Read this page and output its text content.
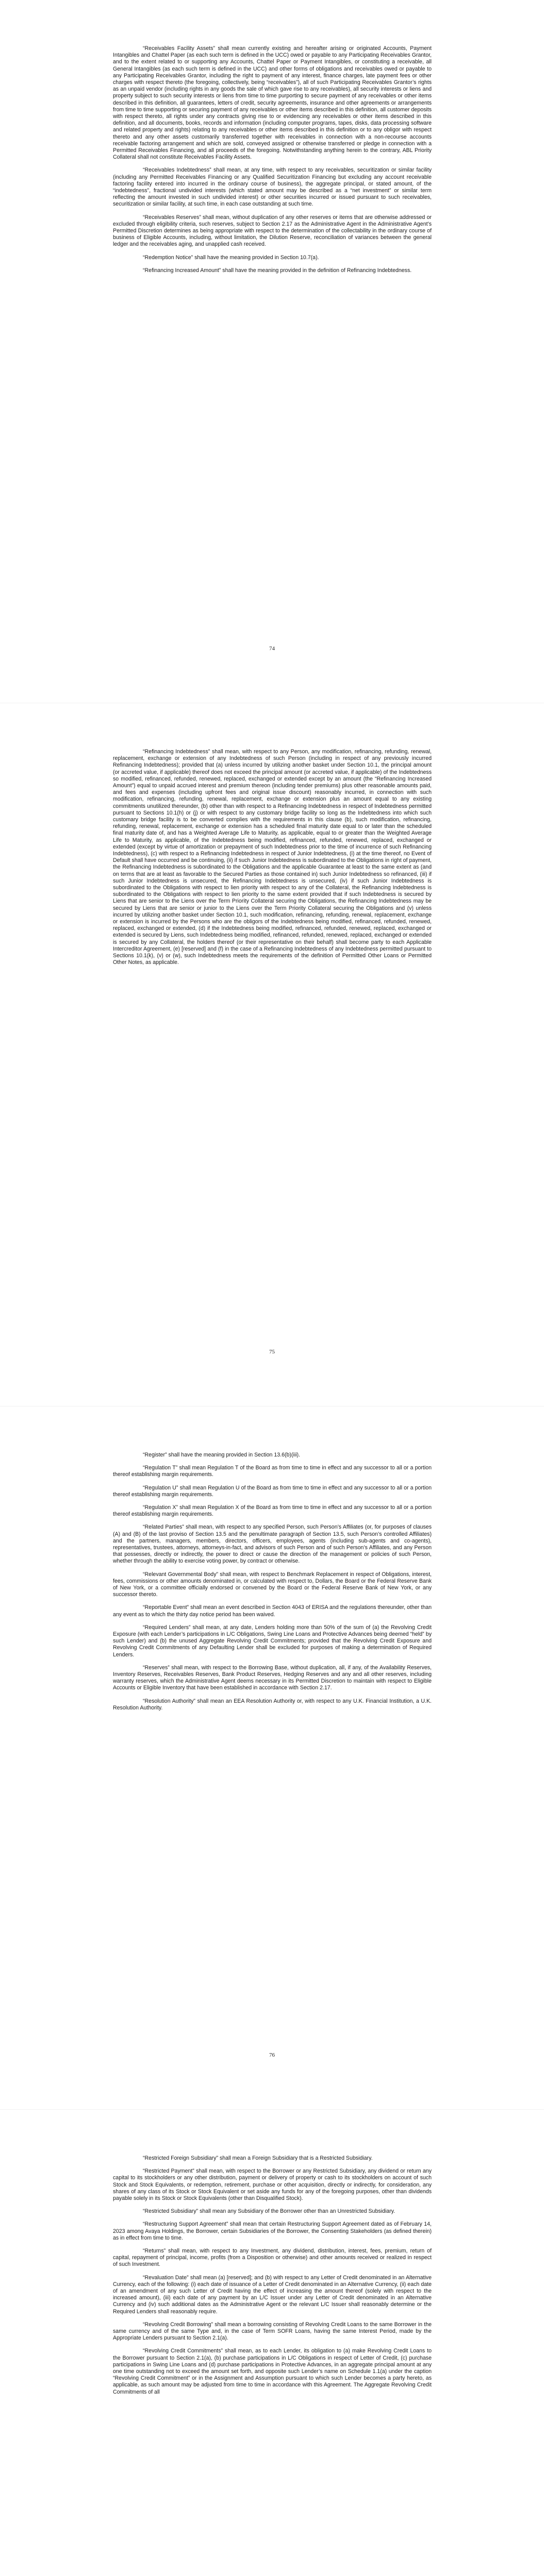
“Receivables Facility Assets” shall mean currently existing and hereafter arising or originated Accounts, Payment Intangibles and Chattel Paper (as each such term is defined in the UCC) owed or payable to any Participating Receivables Grantor, and to the extent related to or supporting any Accounts, Chattel Paper or Payment Intangibles, or constituting a receivable, all General Intangibles (as each such term is defined in the UCC) and other forms of obligations and receivables owed or payable to any Participating Receivables Grantor, including the right to payment of any interest, finance charges, late payment fees or other charges with respect thereto (the foregoing, collectively, being “receivables”), all of such Participating Receivables Grantor’s rights as an unpaid vendor (including rights in any goods the sale of which gave rise to any receivables), all security interests or liens and property subject to such security interests or liens from time to time purporting to secure payment of any receivables or other items described in this definition, all guarantees, letters of credit, security agreements, insurance and other agreements or arrangements from time to time supporting or securing payment of any receivables or other items described in this definition, all customer deposits with respect thereto, all rights under any contracts giving rise to or evidencing any receivables or other items described in this definition, and all documents, books, records and information (including computer programs, tapes, disks, data processing software and related property and rights) relating to any receivables or other items described in this definition or to any obligor with respect thereto and any other assets customarily transferred together with receivables in connection with a non-recourse accounts receivable factoring arrangement and which are sold, conveyed assigned or otherwise transferred or pledge in connection with a Permitted Receivables Financing, and all proceeds of the foregoing. Notwithstanding anything herein to the contrary, ABL Priority Collateral shall not constitute Receivables Facility Assets.

“Receivables Indebtedness” shall mean, at any time, with respect to any receivables, securitization or similar facility (including any Permitted Receivables Financing or any Qualified Securitization Financing but excluding any account receivable factoring facility entered into incurred in the ordinary course of business), the aggregate principal, or stated amount, of the “indebtedness”, fractional undivided interests (which stated amount may be described as a “net investment” or similar term reflecting the amount invested in such undivided interest) or other securities incurred or issued pursuant to such receivables, securitization or similar facility, at such time, in each case outstanding at such time.

“Receivables Reserves” shall mean, without duplication of any other reserves or items that are otherwise addressed or excluded through eligibility criteria, such reserves, subject to Section 2.17 as the Administrative Agent in the Administrative Agent’s Permitted Discretion determines as being appropriate with respect to the determination of the collectability in the ordinary course of business of Eligible Accounts, including, without limitation, the Dilution Reserve, reconciliation of variances between the general ledger and the receivables aging, and unapplied cash received.

“Redemption Notice” shall have the meaning provided in Section 10.7(a).

“Refinancing Increased Amount” shall have the meaning provided in the definition of Refinancing Indebtedness.

74

“Refinancing Indebtedness” shall mean, with respect to any Person, any modification, refinancing, refunding, renewal, replacement, exchange or extension of any Indebtedness of such Person (including in respect of any previously incurred Refinancing Indebtedness); provided that (a) unless incurred by utilizing another basket under Section 10.1, the principal amount (or accreted value, if applicable) thereof does not exceed the principal amount (or accreted value, if applicable) of the Indebtedness so modified, refinanced, refunded, renewed, replaced, exchanged or extended except by an amount (the “Refinancing Increased Amount”) equal to unpaid accrued interest and premium thereon (including tender premiums) plus other reasonable amounts paid, and fees and expenses (including upfront fees and original issue discount) reasonably incurred, in connection with such modification, refinancing, refunding, renewal, replacement, exchange or extension plus an amount equal to any existing commitments unutilized thereunder, (b) other than with respect to a Refinancing Indebtedness in respect of Indebtedness permitted pursuant to Sections 10.1(h) or (j) or with respect to any customary bridge facility so long as the Indebtedness into which such customary bridge facility is to be converted complies with the requirements in this clause (b), such modification, refinancing, refunding, renewal, replacement, exchange or extension has a scheduled final maturity date equal to or later than the scheduled final maturity date of, and has a Weighted Average Life to Maturity, as applicable, equal to or greater than the Weighted Average Life to Maturity, as applicable, of the Indebtedness being modified, refinanced, refunded, renewed, replaced, exchanged or extended (except by virtue of amortization or prepayment of such Indebtedness prior to the time of incurrence of such Refinancing Indebtedness), (c) with respect to a Refinancing Indebtedness in respect of Junior Indebtedness, (i) at the time thereof, no Event of Default shall have occurred and be continuing, (ii) if such Junior Indebtedness is subordinated to the Obligations in right of payment, the Refinancing Indebtedness is subordinated to the Obligations and the applicable Guarantee at least to the same extent as (and on terms that are at least as favorable to the Secured Parties as those contained in) such Junior Indebtedness so refinanced, (iii) if such Junior Indebtedness is unsecured, the Refinancing Indebtedness is unsecured, (iv) if such Junior Indebtedness is subordinated to the Obligations with respect to lien priority with respect to any of the Collateral, the Refinancing Indebtedness is subordinated to the Obligations with respect to lien priority to the same extent provided that if such Indebtedness is secured by Liens that are senior to the Liens over the Term Priority Collateral securing the Obligations, the Refinancing Indebtedness may be secured by Liens that are senior or junior to the Liens over the Term Priority Collateral securing the Obligations and (v) unless incurred by utilizing another basket under Section 10.1, such modification, refinancing, refunding, renewal, replacement, exchange or extension is incurred by the Persons who are the obligors of the Indebtedness being modified, refinanced, refunded, renewed, replaced, exchanged or extended, (d) if the Indebtedness being modified, refinanced, refunded, renewed, replaced, exchanged or extended is secured by Liens, such Indebtedness being modified, refinanced, refunded, renewed, replaced, exchanged or extended is secured by any Collateral, the holders thereof (or their representative on their behalf) shall become party to each Applicable Intercreditor Agreement, (e) [reserved] and (f) in the case of a Refinancing Indebtedness of any Indebtedness permitted pursuant to Sections 10.1(k), (v) or (w), such Indebtedness meets the requirements of the definition of Permitted Other Loans or Permitted Other Notes, as applicable.

75

“Register” shall have the meaning provided in Section 13.6(b)(iii).

“Regulation T” shall mean Regulation T of the Board as from time to time in effect and any successor to all or a portion thereof establishing margin requirements.

“Regulation U” shall mean Regulation U of the Board as from time to time in effect and any successor to all or a portion thereof establishing margin requirements.

“Regulation X” shall mean Regulation X of the Board as from time to time in effect and any successor to all or a portion thereof establishing margin requirements.

“Related Parties” shall mean, with respect to any specified Person, such Person’s Affiliates (or, for purposes of clauses (A) and (B) of the last proviso of Section 13.5 and the penultimate paragraph of Section 13.5, such Person’s controlled Affiliates) and the partners, managers, members, directors, officers, employees, agents (including sub-agents and co-agents), representatives, trustees, attorneys, attorneys-in-fact, and advisors of such Person and of such Person’s Affiliates, and any Person that possesses, directly or indirectly, the power to direct or cause the direction of the management or policies of such Person, whether through the ability to exercise voting power, by contract or otherwise.

“Relevant Governmental Body” shall mean, with respect to Benchmark Replacement in respect of Obligations, interest, fees, commissions or other amounts denominated in, or calculated with respect to, Dollars, the Board or the Federal Reserve Bank of New York, or a committee officially endorsed or convened by the Board or the Federal Reserve Bank of New York, or any successor thereto.

“Reportable Event” shall mean an event described in Section 4043 of ERISA and the regulations thereunder, other than any event as to which the thirty day notice period has been waived.

“Required Lenders” shall mean, at any date, Lenders holding more than 50% of the sum of (a) the Revolving Credit Exposure (with each Lender’s participations in L/C Obligations, Swing Line Loans and Protective Advances being deemed “held” by such Lender) and (b) the unused Aggregate Revolving Credit Commitments; provided that the Revolving Credit Exposure and Revolving Credit Commitments of any Defaulting Lender shall be excluded for purposes of making a determination of Required Lenders.

“Reserves” shall mean, with respect to the Borrowing Base, without duplication, all, if any, of the Availability Reserves, Inventory Reserves, Receivables Reserves, Bank Product Reserves, Hedging Reserves and any and all other reserves, including warranty reserves, which the Administrative Agent deems necessary in its Permitted Discretion to maintain with respect to Eligible Accounts or Eligible Inventory that have been established in accordance with Section 2.17.

“Resolution Authority” shall mean an EEA Resolution Authority or, with respect to any U.K. Financial Institution, a U.K. Resolution Authority.

76

“Restricted Foreign Subsidiary” shall mean a Foreign Subsidiary that is a Restricted Subsidiary.

“Restricted Payment” shall mean, with respect to the Borrower or any Restricted Subsidiary, any dividend or return any capital to its stockholders or any other distribution, payment or delivery of property or cash to its stockholders on account of such Stock and Stock Equivalents, or redemption, retirement, purchase or other acquisition, directly or indirectly, for consideration, any shares of any class of its Stock or Stock Equivalent or set aside any funds for any of the foregoing purposes, other than dividends payable solely in its Stock or Stock Equivalents (other than Disqualified Stock).

“Restricted Subsidiary” shall mean any Subsidiary of the Borrower other than an Unrestricted Subsidiary.

“Restructuring Support Agreement” shall mean that certain Restructuring Support Agreement dated as of February 14, 2023 among Avaya Holdings, the Borrower, certain Subsidiaries of the Borrower, the Consenting Stakeholders (as defined therein) as in effect from time to time.

“Returns” shall mean, with respect to any Investment, any dividend, distribution, interest, fees, premium, return of capital, repayment of principal, income, profits (from a Disposition or otherwise) and other amounts received or realized in respect of such Investment.

“Revaluation Date” shall mean (a) [reserved]; and (b) with respect to any Letter of Credit denominated in an Alternative Currency, each of the following: (i) each date of issuance of a Letter of Credit denominated in an Alternative Currency, (ii) each date of an amendment of any such Letter of Credit having the effect of increasing the amount thereof (solely with respect to the increased amount), (iii) each date of any payment by an L/C Issuer under any Letter of Credit denominated in an Alternative Currency and (iv) such additional dates as the Administrative Agent or the relevant L/C Issuer shall reasonably determine or the Required Lenders shall reasonably require.

“Revolving Credit Borrowing” shall mean a borrowing consisting of Revolving Credit Loans to the same Borrower in the same currency and of the same Type and, in the case of Term SOFR Loans, having the same Interest Period, made by the Appropriate Lenders pursuant to Section 2.1(a).

“Revolving Credit Commitments” shall mean, as to each Lender, its obligation to (a) make Revolving Credit Loans to the Borrower pursuant to Section 2.1(a), (b) purchase participations in L/C Obligations in respect of Letter of Credit, (c) purchase participations in Swing Line Loans and (d) purchase participations in Protective Advances, in an aggregate principal amount at any one time outstanding not to exceed the amount set forth, and opposite such Lender’s name on Schedule 1.1(a) under the caption “Revolving Credit Commitment” or in the Assignment and Assumption pursuant to which such Lender becomes a party hereto, as applicable, as such amount may be adjusted from time to time in accordance with this Agreement. The Aggregate Revolving Credit Commitments of all
